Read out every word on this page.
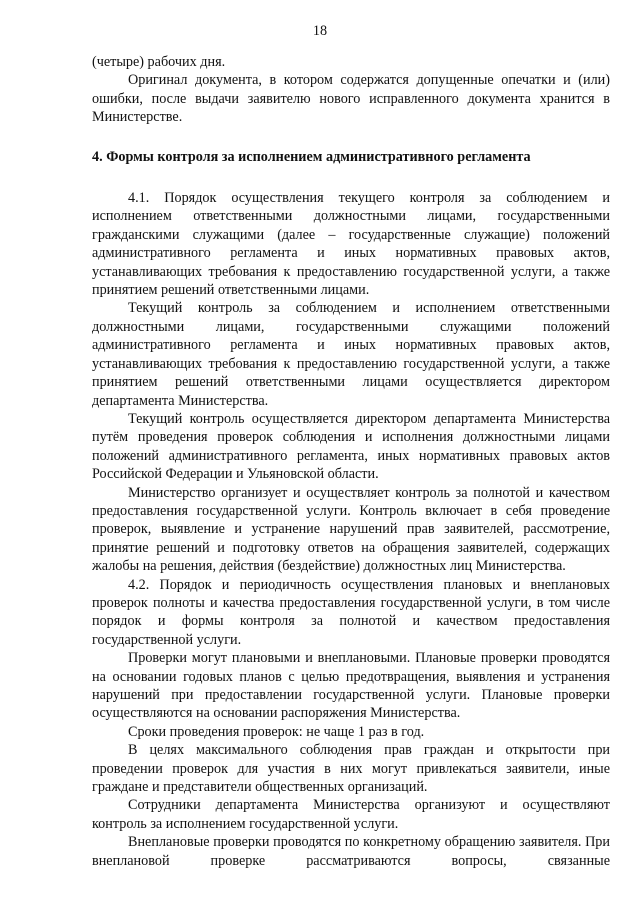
18

(четыре) рабочих дня.

Оригинал документа, в котором содержатся допущенные опечатки и (или) ошибки, после выдачи заявителю нового исправленного документа хранится в Министерстве.

4. Формы контроля за исполнением административного регламента

4.1. Порядок осуществления текущего контроля за соблюдением и исполнением ответственными должностными лицами, государственными гражданскими служащими (далее – государственные служащие) положений административного регламента и иных нормативных правовых актов, устанавливающих требования к предоставлению государственной услуги, а также принятием решений ответственными лицами.

Текущий контроль за соблюдением и исполнением ответственными должностными лицами, государственными служащими положений административного регламента и иных нормативных правовых актов, устанавливающих требования к предоставлению государственной услуги, а также принятием решений ответственными лицами осуществляется директором департамента Министерства.

Текущий контроль осуществляется директором департамента Министерства путём проведения проверок соблюдения и исполнения должностными лицами положений административного регламента, иных нормативных правовых актов Российской Федерации и Ульяновской области.

Министерство организует и осуществляет контроль за полнотой и качеством предоставления государственной услуги. Контроль включает в себя проведение проверок, выявление и устранение нарушений прав заявителей, рассмотрение, принятие решений и подготовку ответов на обращения заявителей, содержащих жалобы на решения, действия (бездействие) должностных лиц Министерства.

4.2. Порядок и периодичность осуществления плановых и внеплановых проверок полноты и качества предоставления государственной услуги, в том числе порядок и формы контроля за полнотой и качеством предоставления государственной услуги.

Проверки могут плановыми и внеплановыми. Плановые проверки проводятся на основании годовых планов с целью предотвращения, выявления и устранения нарушений при предоставлении государственной услуги. Плановые проверки осуществляются на основании распоряжения Министерства.

Сроки проведения проверок: не чаще 1 раз в год.

В целях максимального соблюдения прав граждан и открытости при проведении проверок для участия в них могут привлекаться заявители, иные граждане и представители общественных организаций.

Сотрудники департамента Министерства организуют и осуществляют контроль за исполнением государственной услуги.

Внеплановые проверки проводятся по конкретному обращению заявителя. При внеплановой проверке рассматриваются вопросы, связанные
